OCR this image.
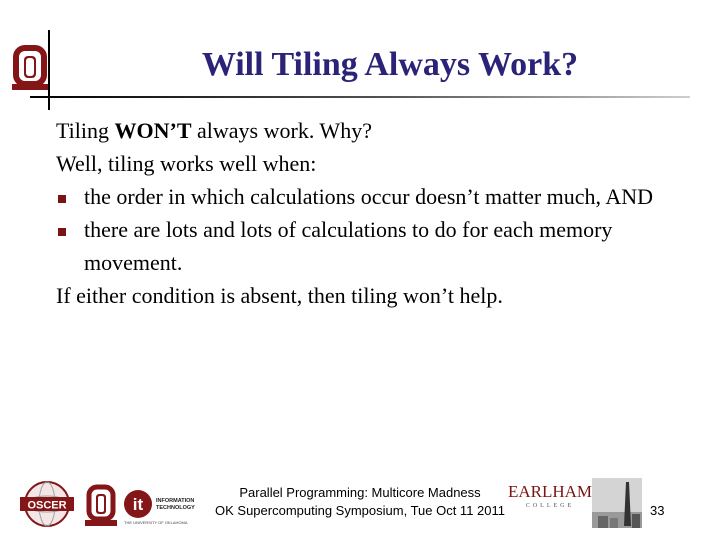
Will Tiling Always Work?
Tiling WON’T always work. Why?
Well, tiling works well when:
the order in which calculations occur doesn’t matter much, AND
there are lots and lots of calculations to do for each memory movement.
If either condition is absent, then tiling won’t help.
OSCER	it INFORMATION
TECHNOLOGY
THE UNIVERSITY OF OKLAHOMA
Parallel Programming: Multicore Madness
OK Supercomputing Symposium, Tue Oct 11 2011
EARLHAM
COLLEGE	33
